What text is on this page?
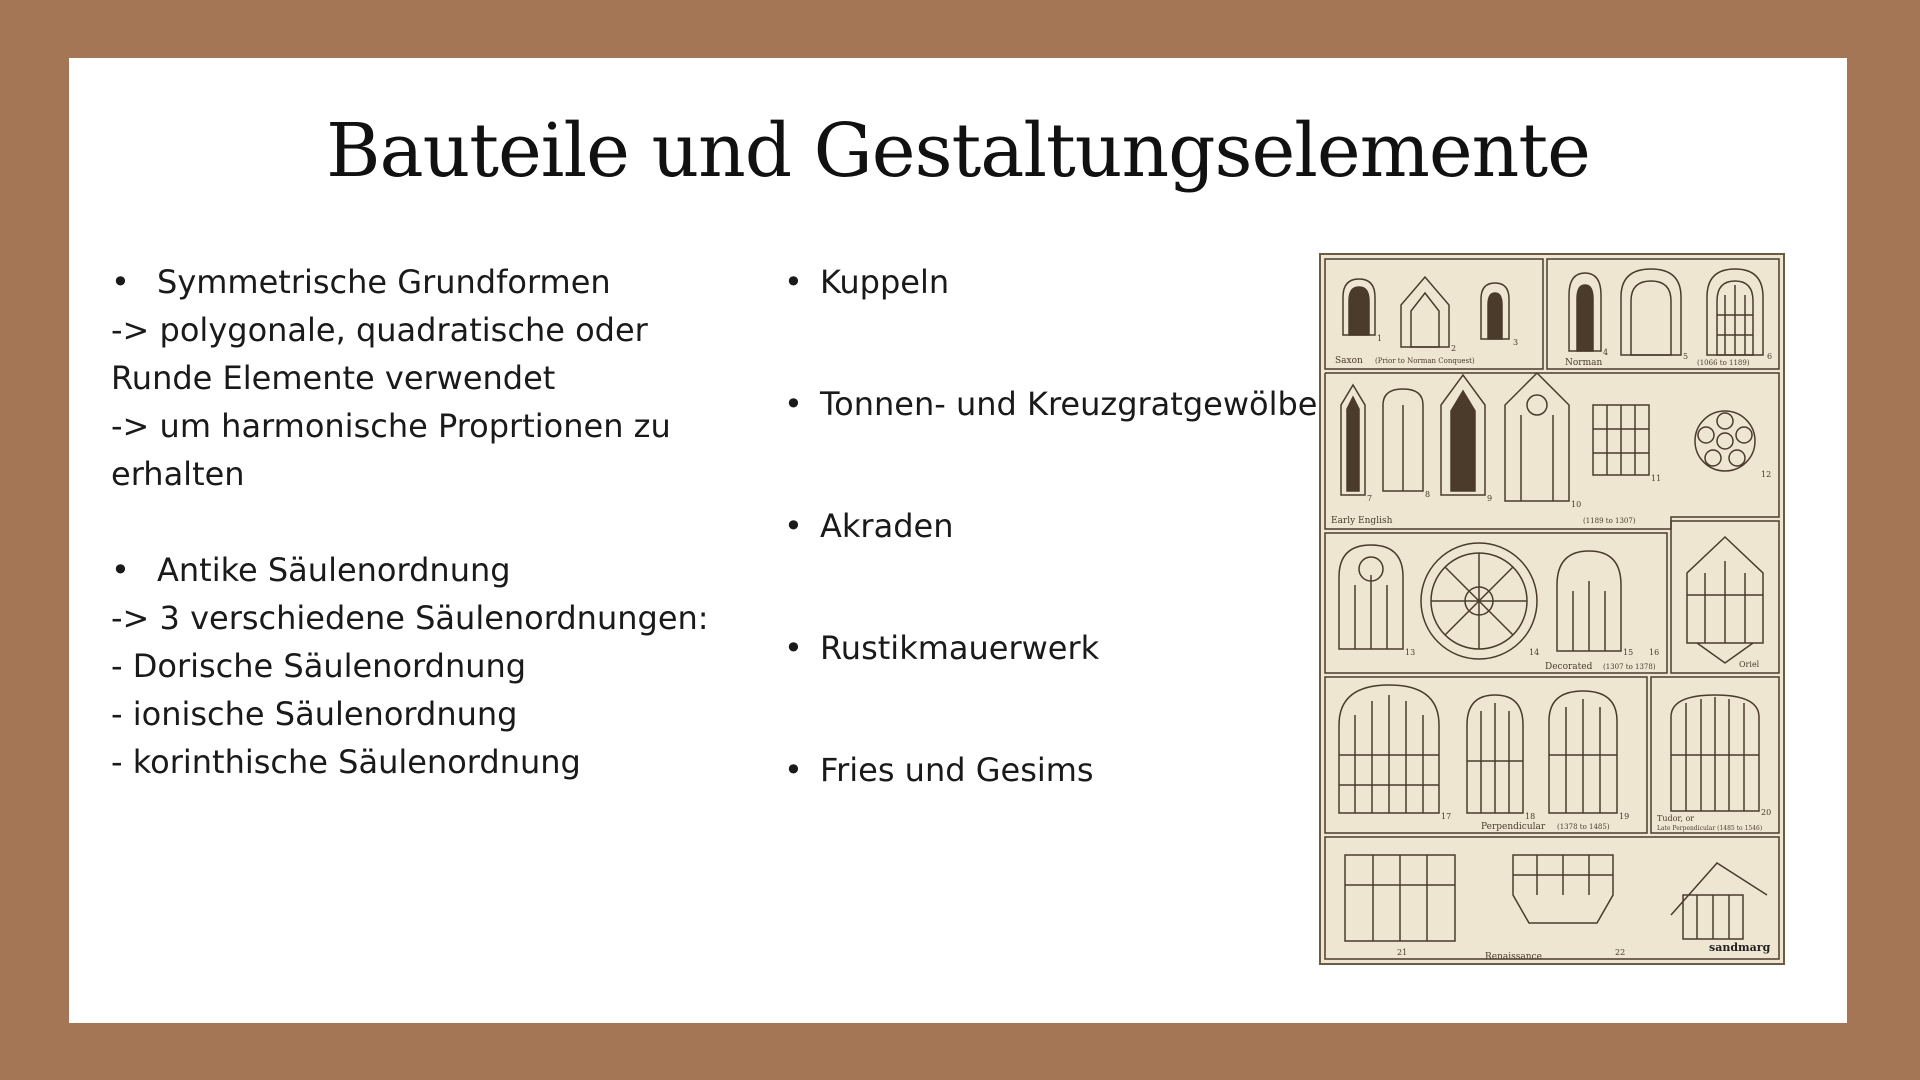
Bauteile und Gestaltungselemente
• Symmetrische Grundformen
-> polygonale, quadratische oder
Runde Elemente verwendet
-> um harmonische Proprtionen zu
erhalten
• Antike Säulenordnung
-> 3 verschiedene Säulenordnungen:
- Dorische Säulenordnung
- ionische Säulenordnung
- korinthische Säulenordnung
• Kuppeln
• Tonnen- und Kreuzgratgewölbe
• Akraden
• Rustikmauerwerk
• Fries und Gesims
Saxon (Prior to Norman Conquest)	Norman	(1066 to 1189)
Early English	(1189 to 1307)
Decorated (1307 to 1378)	Oriel
Perpendicular (1378 to 1485)
Tudor, or
Late Perpendicular (1485 to 1546)
Renaissance
sandmarg
1
2
3
4	5	6
7	8	9
10
11	12
13	14	15 16
17	18	19	20
21	22
